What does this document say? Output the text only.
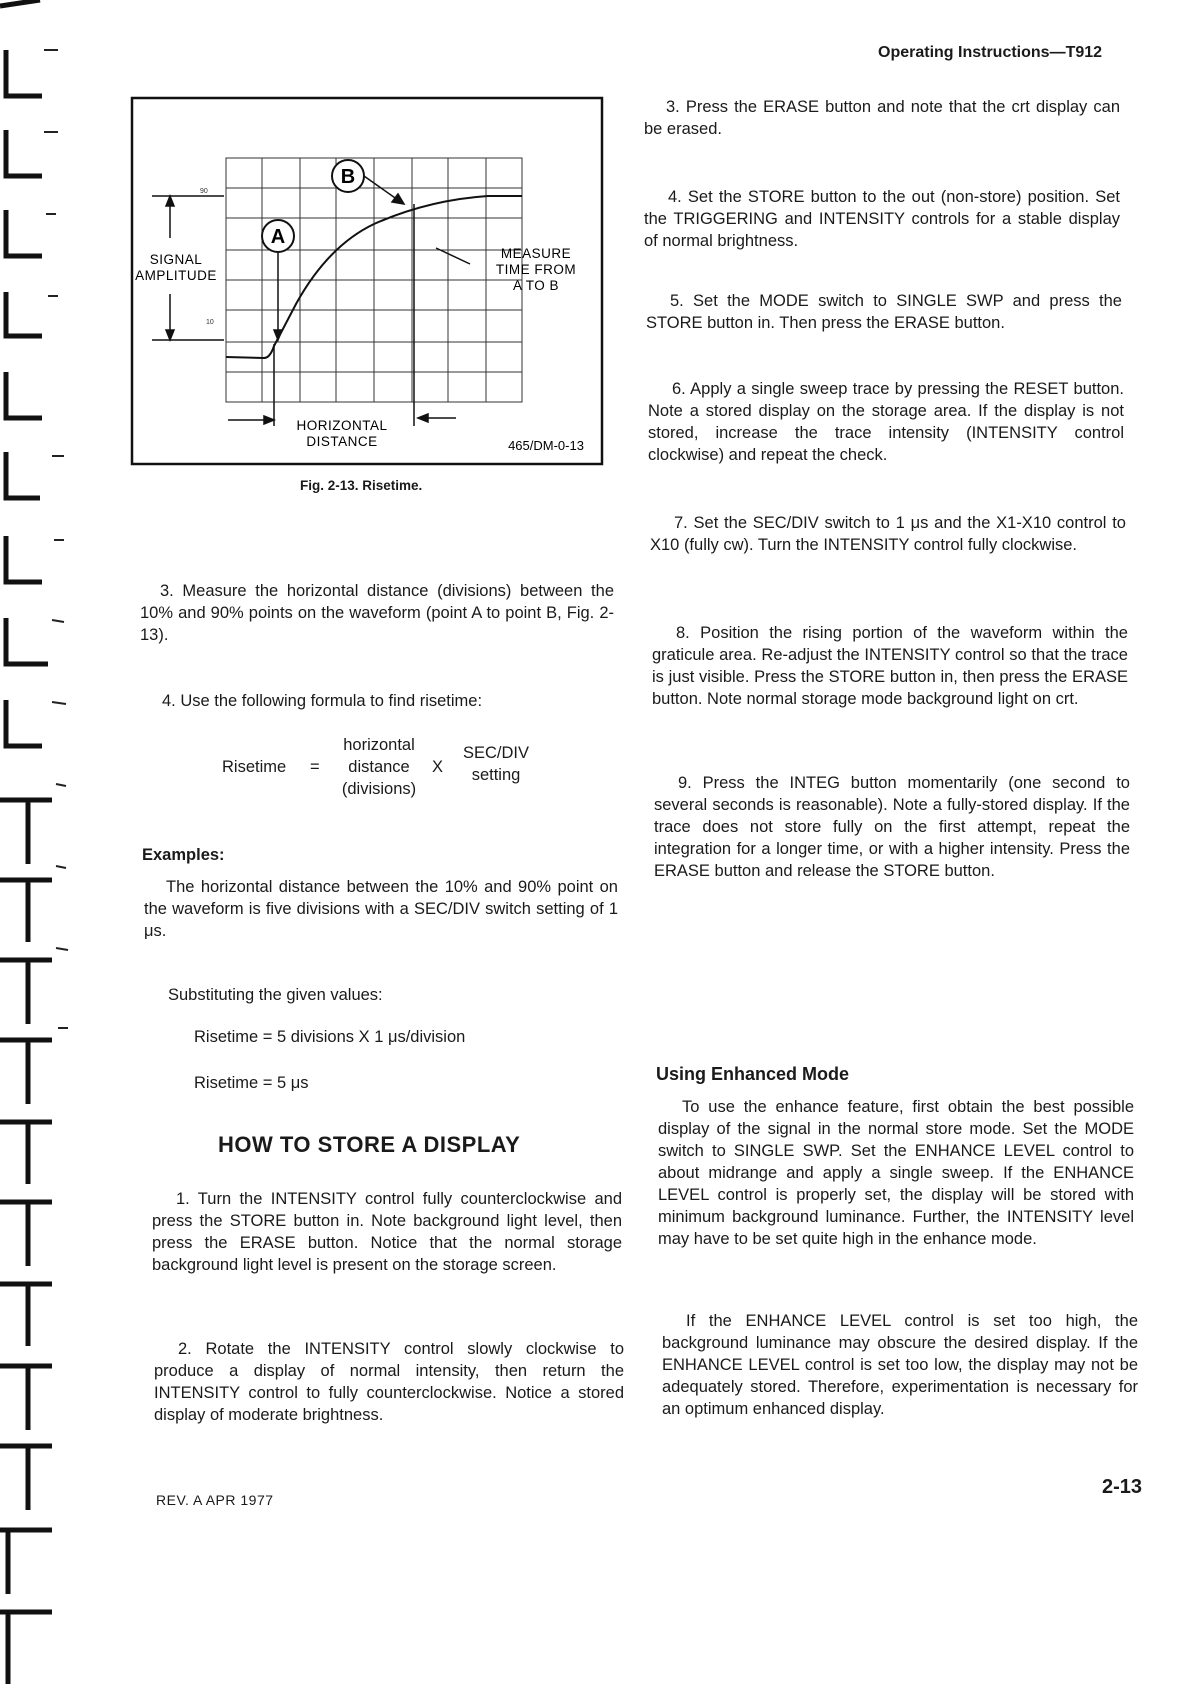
Operating Instructions—T912
90
10
A
B
SIGNAL
AMPLITUDE
MEASURE
TIME FROM
A TO B
HORIZONTAL
DISTANCE	465/DM-0-13
Fig. 2-13. Risetime.

3. Measure the horizontal distance (divisions) between the 10% and 90% points on the waveform (point A to point B, Fig. 2-13).

4. Use the following formula to find risetime:

Risetime =
horizontal
distance
(divisions)
X
SEC/DIV
setting
Examples:

The horizontal distance between the 10% and 90% point on the waveform is five divisions with a SEC/DIV switch setting of 1 μs.

Substituting the given values:

Risetime = 5 divisions X 1 μs/division

Risetime = 5 μs

HOW TO STORE A DISPLAY

1. Turn the INTENSITY control fully counterclockwise and press the STORE button in. Note background light level, then press the ERASE button. Notice that the normal storage background light level is present on the storage screen.

2. Rotate the INTENSITY control slowly clockwise to produce a display of normal intensity, then return the INTENSITY control to fully counterclockwise. Notice a stored display of moderate brightness.

REV. A APR 1977

3. Press the ERASE button and note that the crt display can be erased.

4. Set the STORE button to the out (non-store) position. Set the TRIGGERING and INTENSITY controls for a stable display of normal brightness.

5. Set the MODE switch to SINGLE SWP and press the STORE button in. Then press the ERASE button.

6. Apply a single sweep trace by pressing the RESET button. Note a stored display on the storage area. If the display is not stored, increase the trace intensity (INTENSITY control clockwise) and repeat the check.

7. Set the SEC/DIV switch to 1 μs and the X1-X10 control to X10 (fully cw). Turn the INTENSITY control fully clockwise.

8. Position the rising portion of the waveform within the graticule area. Re-adjust the INTENSITY control so that the trace is just visible. Press the STORE button in, then press the ERASE button. Note normal storage mode background light on crt.

9. Press the INTEG button momentarily (one second to several seconds is reasonable). Note a fully-stored display. If the trace does not store fully on the first attempt, repeat the integration for a longer time, or with a higher intensity. Press the ERASE button and release the STORE button.

Using Enhanced Mode

To use the enhance feature, first obtain the best possible display of the signal in the normal store mode. Set the MODE switch to SINGLE SWP. Set the ENHANCE LEVEL control to about midrange and apply a single sweep. If the ENHANCE LEVEL control is properly set, the display will be stored with minimum background luminance. Further, the INTENSITY level may have to be set quite high in the enhance mode.

If the ENHANCE LEVEL control is set too high, the background luminance may obscure the desired display. If the ENHANCE LEVEL control is set too low, the display may not be adequately stored. Therefore, experimentation is necessary for an optimum enhanced display.

2-13
